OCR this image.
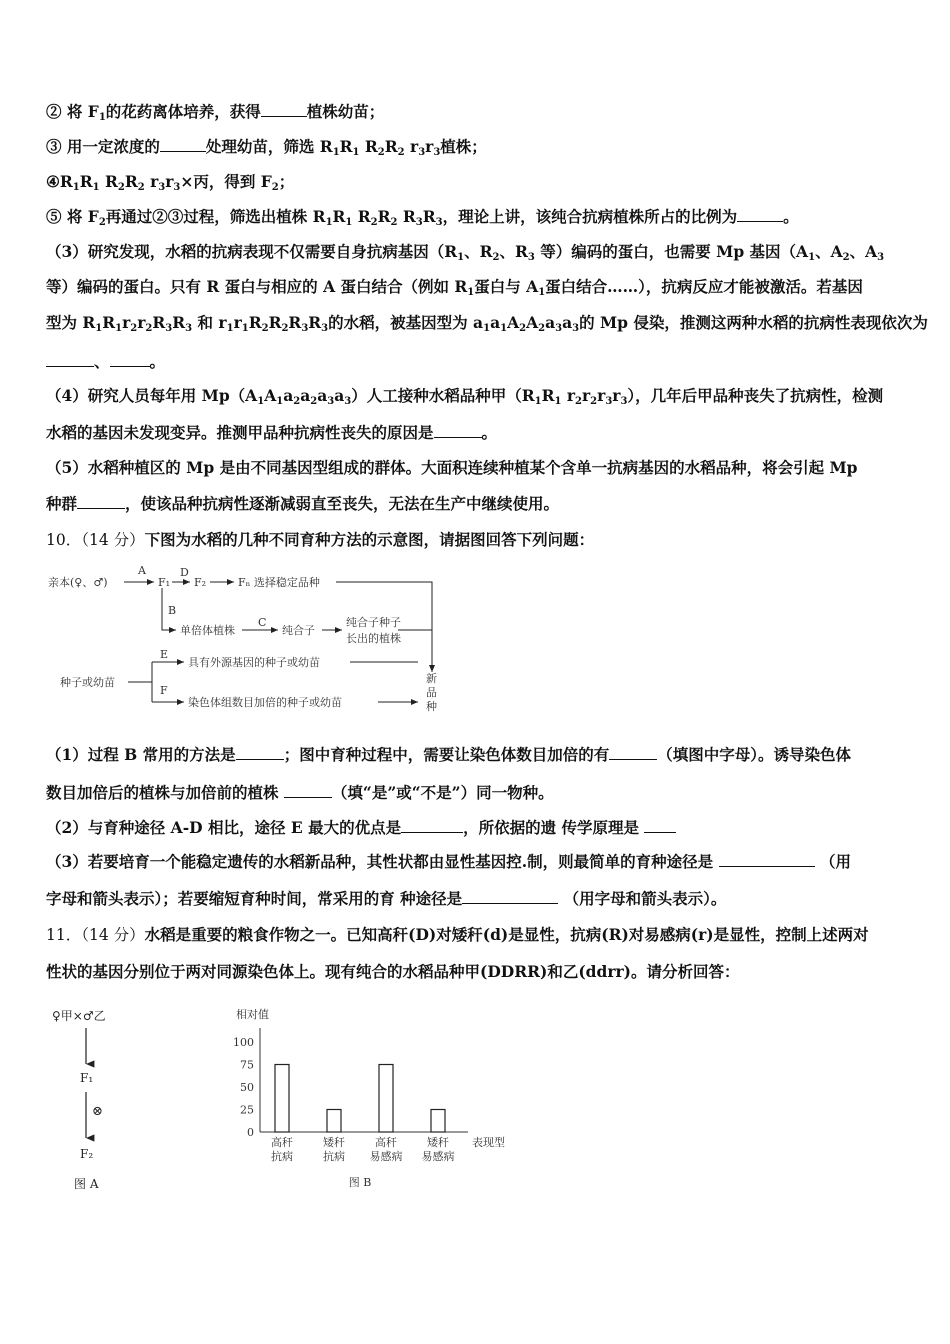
② 将 $F_1$的花药离体培养，获得	植株幼苗；
③ 用一定浓度的	处理幼苗，筛选 $R_1R_1$ $R_2R_2$ $r_3r_3$植株；
$④R_1R_1$ $R_2R_2$ $r_3r_3\times$丙，得到 $F_2$；
⑤ 将 $F_2$再通过②③过程，筛选出植株 $R_1R_1$ $R_2R_2$ $R_3R_3$，理论上讲，该纯合抗病植株所占的比例为	。
（3）研究发现，水稻的抗病表现不仅需要自身抗病基因（$R_1$、$R_2$、$R_3$ 等）编码的蛋白，也需要 Mp 基因（$A_1$、$A_2$、$A_3$
等）编码的蛋白。只有 R 蛋白与相应的 A 蛋白结合（例如 $R_1$蛋白与 $A_1$蛋白结合……），抗病反应才能被激活。若基因
型为 $R_1R_1r_2r_2R_3R_3$ 和 $r_1r_1R_2R_2R_3R_3$的水稻，被基因型为 $a_1a_1A_2A_2a_3a_3$的 Mp 侵染，推测这两种水稻的抗病性表现依次为
、	。
（4）研究人员每年用 $Mp(A_1A_1a_2a_2a_3a_3)$人工接种水稻品种甲（$R_1R_1$ $r_2r_2r_3r_3$），几年后甲品种丧失了抗病性，检测
水稻的基因未发现变异。推测甲品种抗病性丧失的原因是	。
（5）水稻种植区的 Mp 是由不同基因型组成的群体。大面积连续种植某个含单一抗病基因的水稻品种，将会引起 Mp
种群	，使该品种抗病性逐渐减弱直至丧失，无法在生产中继续使用。
10．（14 分）下图为水稻的几种不同育种方法的示意图，请据图回答下列问题：
亲本(♀、♂)
A
F₁
D
F₂	Fₙ 选择稳定品种
B
单倍体植株
C
纯合子
纯合子种子
长出的植株
种子或幼苗
E
具有外源基因的种子或幼苗
F
染色体组数目加倍的种子或幼苗
新
品
种
（1）过程 B 常用的方法是	；图中育种过程中，需要让染色体数目加倍的有	（填图中字母）。诱导染色体
数目加倍后的植株与加倍前的植株	（填“是”或“不是”）同一物种。
（2）与育种途径 A-D 相比，途径 E 最大的优点是	，所依据的遗 传学原理是
（3）若要培育一个能稳定遗传的水稻新品种，其性状都由显性基因控.制，则最简单的育种途径是	（用
字母和箭头表示）；若要缩短育种时间，常采用的育 种途径是	（用字母和箭头表示）。
11．（14 分）水稻是重要的粮食作物之一。已知高秆(D)对矮秆(d)是显性，抗病(R)对易感病(r)是显性，控制上述两对
性状的基因分别位于两对同源染色体上。现有纯合的水稻品种甲(DDRR)和乙(ddrr)。请分析回答：
♀甲×♂乙
F₁
⊗
F₂
图 A
相对值
0
25
50
75
100
高秆
抗病
矮秆
抗病
高秆
易感病
矮秆
易感病
表现型
图 B
